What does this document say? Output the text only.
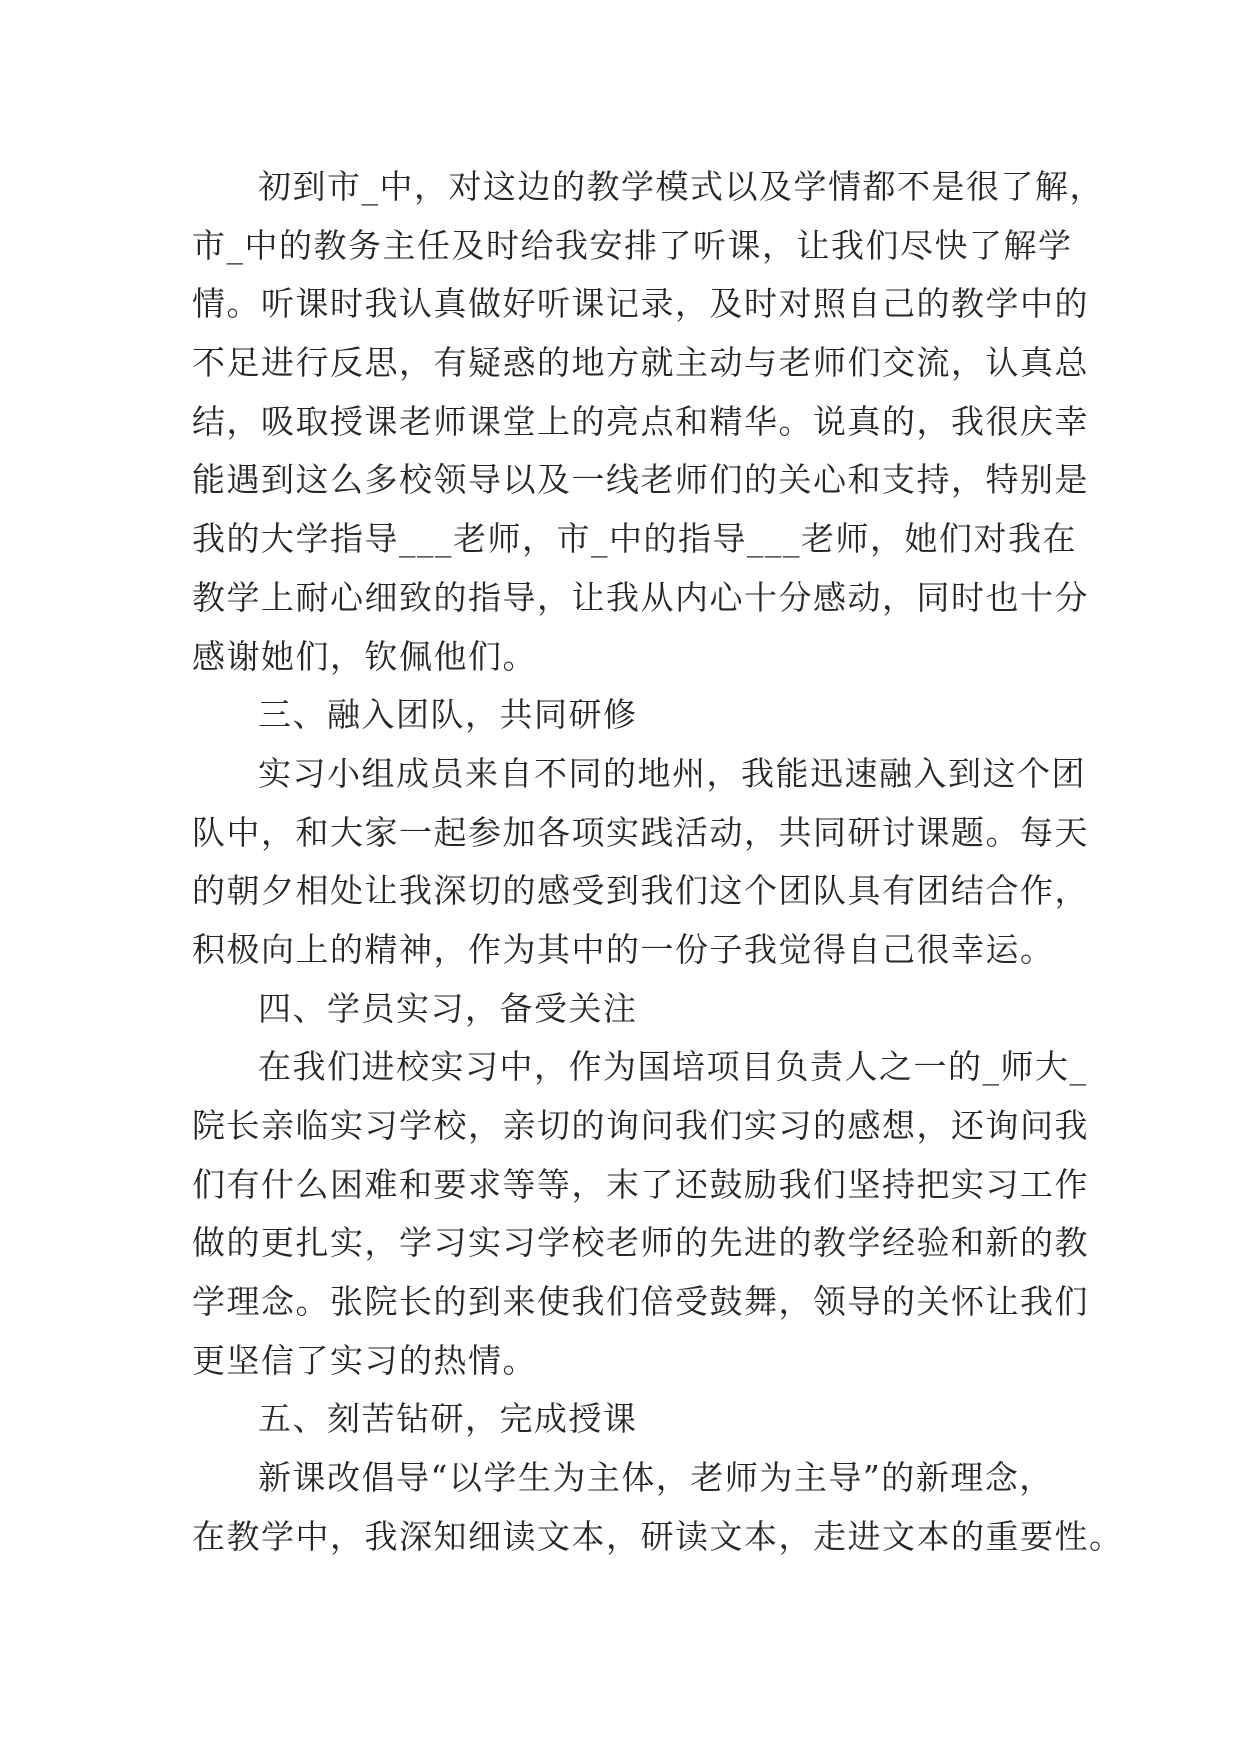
初到市_中，对这边的教学模式以及学情都不是很了解，
市_中的教务主任及时给我安排了听课，让我们尽快了解学
情。听课时我认真做好听课记录，及时对照自己的教学中的
不足进行反思，有疑惑的地方就主动与老师们交流，认真总
结，吸取授课老师课堂上的亮点和精华。说真的，我很庆幸
能遇到这么多校领导以及一线老师们的关心和支持，特别是
我的大学指导___老师，市_中的指导___老师，她们对我在
教学上耐心细致的指导，让我从内心十分感动，同时也十分
感谢她们，钦佩他们。
三、融入团队，共同研修
实习小组成员来自不同的地州，我能迅速融入到这个团
队中，和大家一起参加各项实践活动，共同研讨课题。每天
的朝夕相处让我深切的感受到我们这个团队具有团结合作，
积极向上的精神，作为其中的一份子我觉得自己很幸运。
四、学员实习，备受关注
在我们进校实习中，作为国培项目负责人之一的_师大_
院长亲临实习学校，亲切的询问我们实习的感想，还询问我
们有什么困难和要求等等，末了还鼓励我们坚持把实习工作
做的更扎实，学习实习学校老师的先进的教学经验和新的教
学理念。张院长的到来使我们倍受鼓舞，领导的关怀让我们
更坚信了实习的热情。
五、刻苦钻研，完成授课
新课改倡导“以学生为主体，老师为主导”的新理念，
在教学中，我深知细读文本，研读文本，走进文本的重要性。
